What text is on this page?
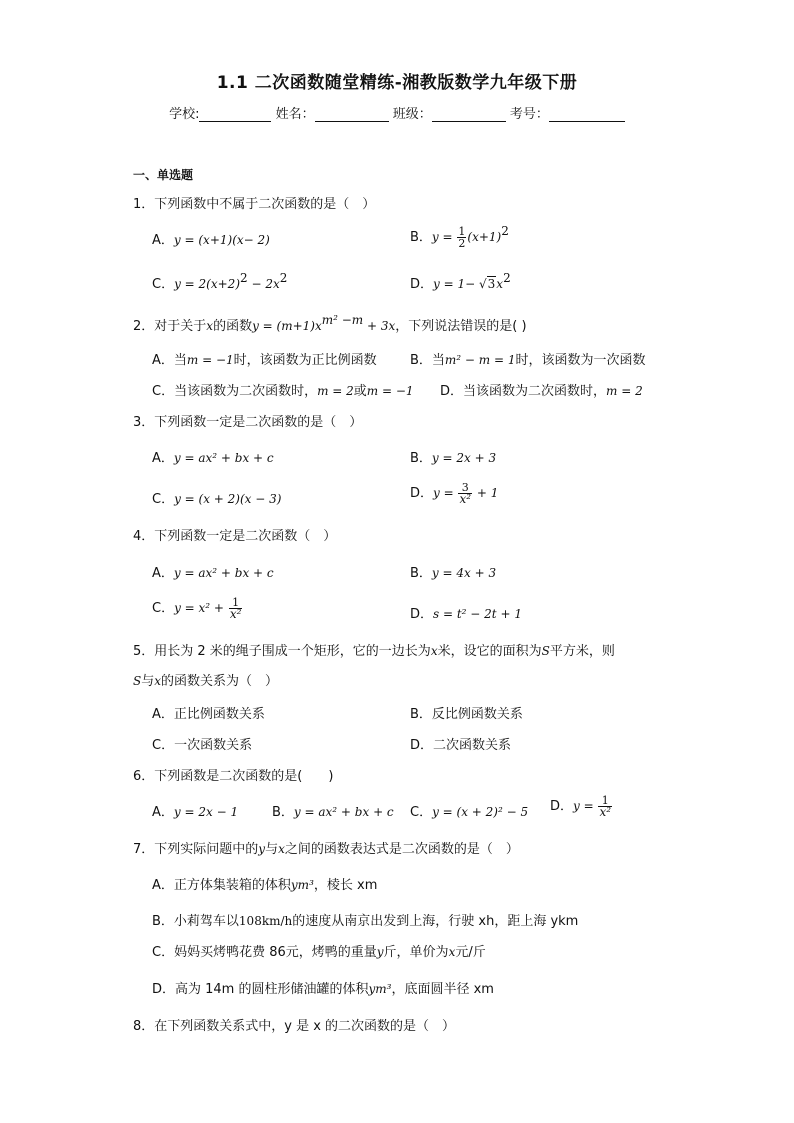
1.1 二次函数随堂精练-湘教版数学九年级下册
学校:	姓名：	班级：	考号：
一、单选题
1．下列函数中不属于二次函数的是（　）
A．y = (x+1)(x− 2)	B．$y = \frac{1}{2} (x+1)^2$
C．$y = 2(x+2)^2 - 2x^2$	D．$y = 1- √3x^2$
2．对于关于x的函数$y = (m+1)x^{m^2 -m} + 3x$，下列说法错误的是( )
A．当m = −1时，该函数为正比例函数	B．当m² − m = 1时，该函数为一次函数
C．当该函数为二次函数时，m = 2或m = −1 D．当该函数为二次函数时，m = 2
3．下列函数一定是二次函数的是（　）
A．y = ax² + bx + c	B．y = 2x + 3
C．y = (x + 2)(x − 3)	D．$y = \frac{3}{\text{x²}} + 1$
4．下列函数一定是二次函数（　）
A．y = ax² + bx + c	B．y = 4x + 3
C．$y = x^2 + \frac{1}{\text{x²}}$	D．s = t² − 2t + 1
5．用长为 2 米的绳子围成一个矩形，它的一边长为x米，设它的面积为S平方米，则
S与x的函数关系为（　）
A．正比例函数关系	B．反比例函数关系
C．一次函数关系	D．二次函数关系
6．下列函数是二次函数的是(　　)
A．y = 2x − 1	B．y = ax² + bx + c C．y = (x + 2)² − 5 D．$y = \frac{1}{\text{x²}}$
7．下列实际问题中的y与x之间的函数表达式是二次函数的是（　）
A．正方体集装箱的体积ym³，棱长 xm
B．小莉驾车以108km/h的速度从南京出发到上海，行驶 xh，距上海 ykm
C．妈妈买烤鸭花费 86元，烤鸭的重量y斤，单价为x元/斤
D．高为 14m 的圆柱形储油罐的体积ym³，底面圆半径 xm
8．在下列函数关系式中，y 是 x 的二次函数的是（　）
